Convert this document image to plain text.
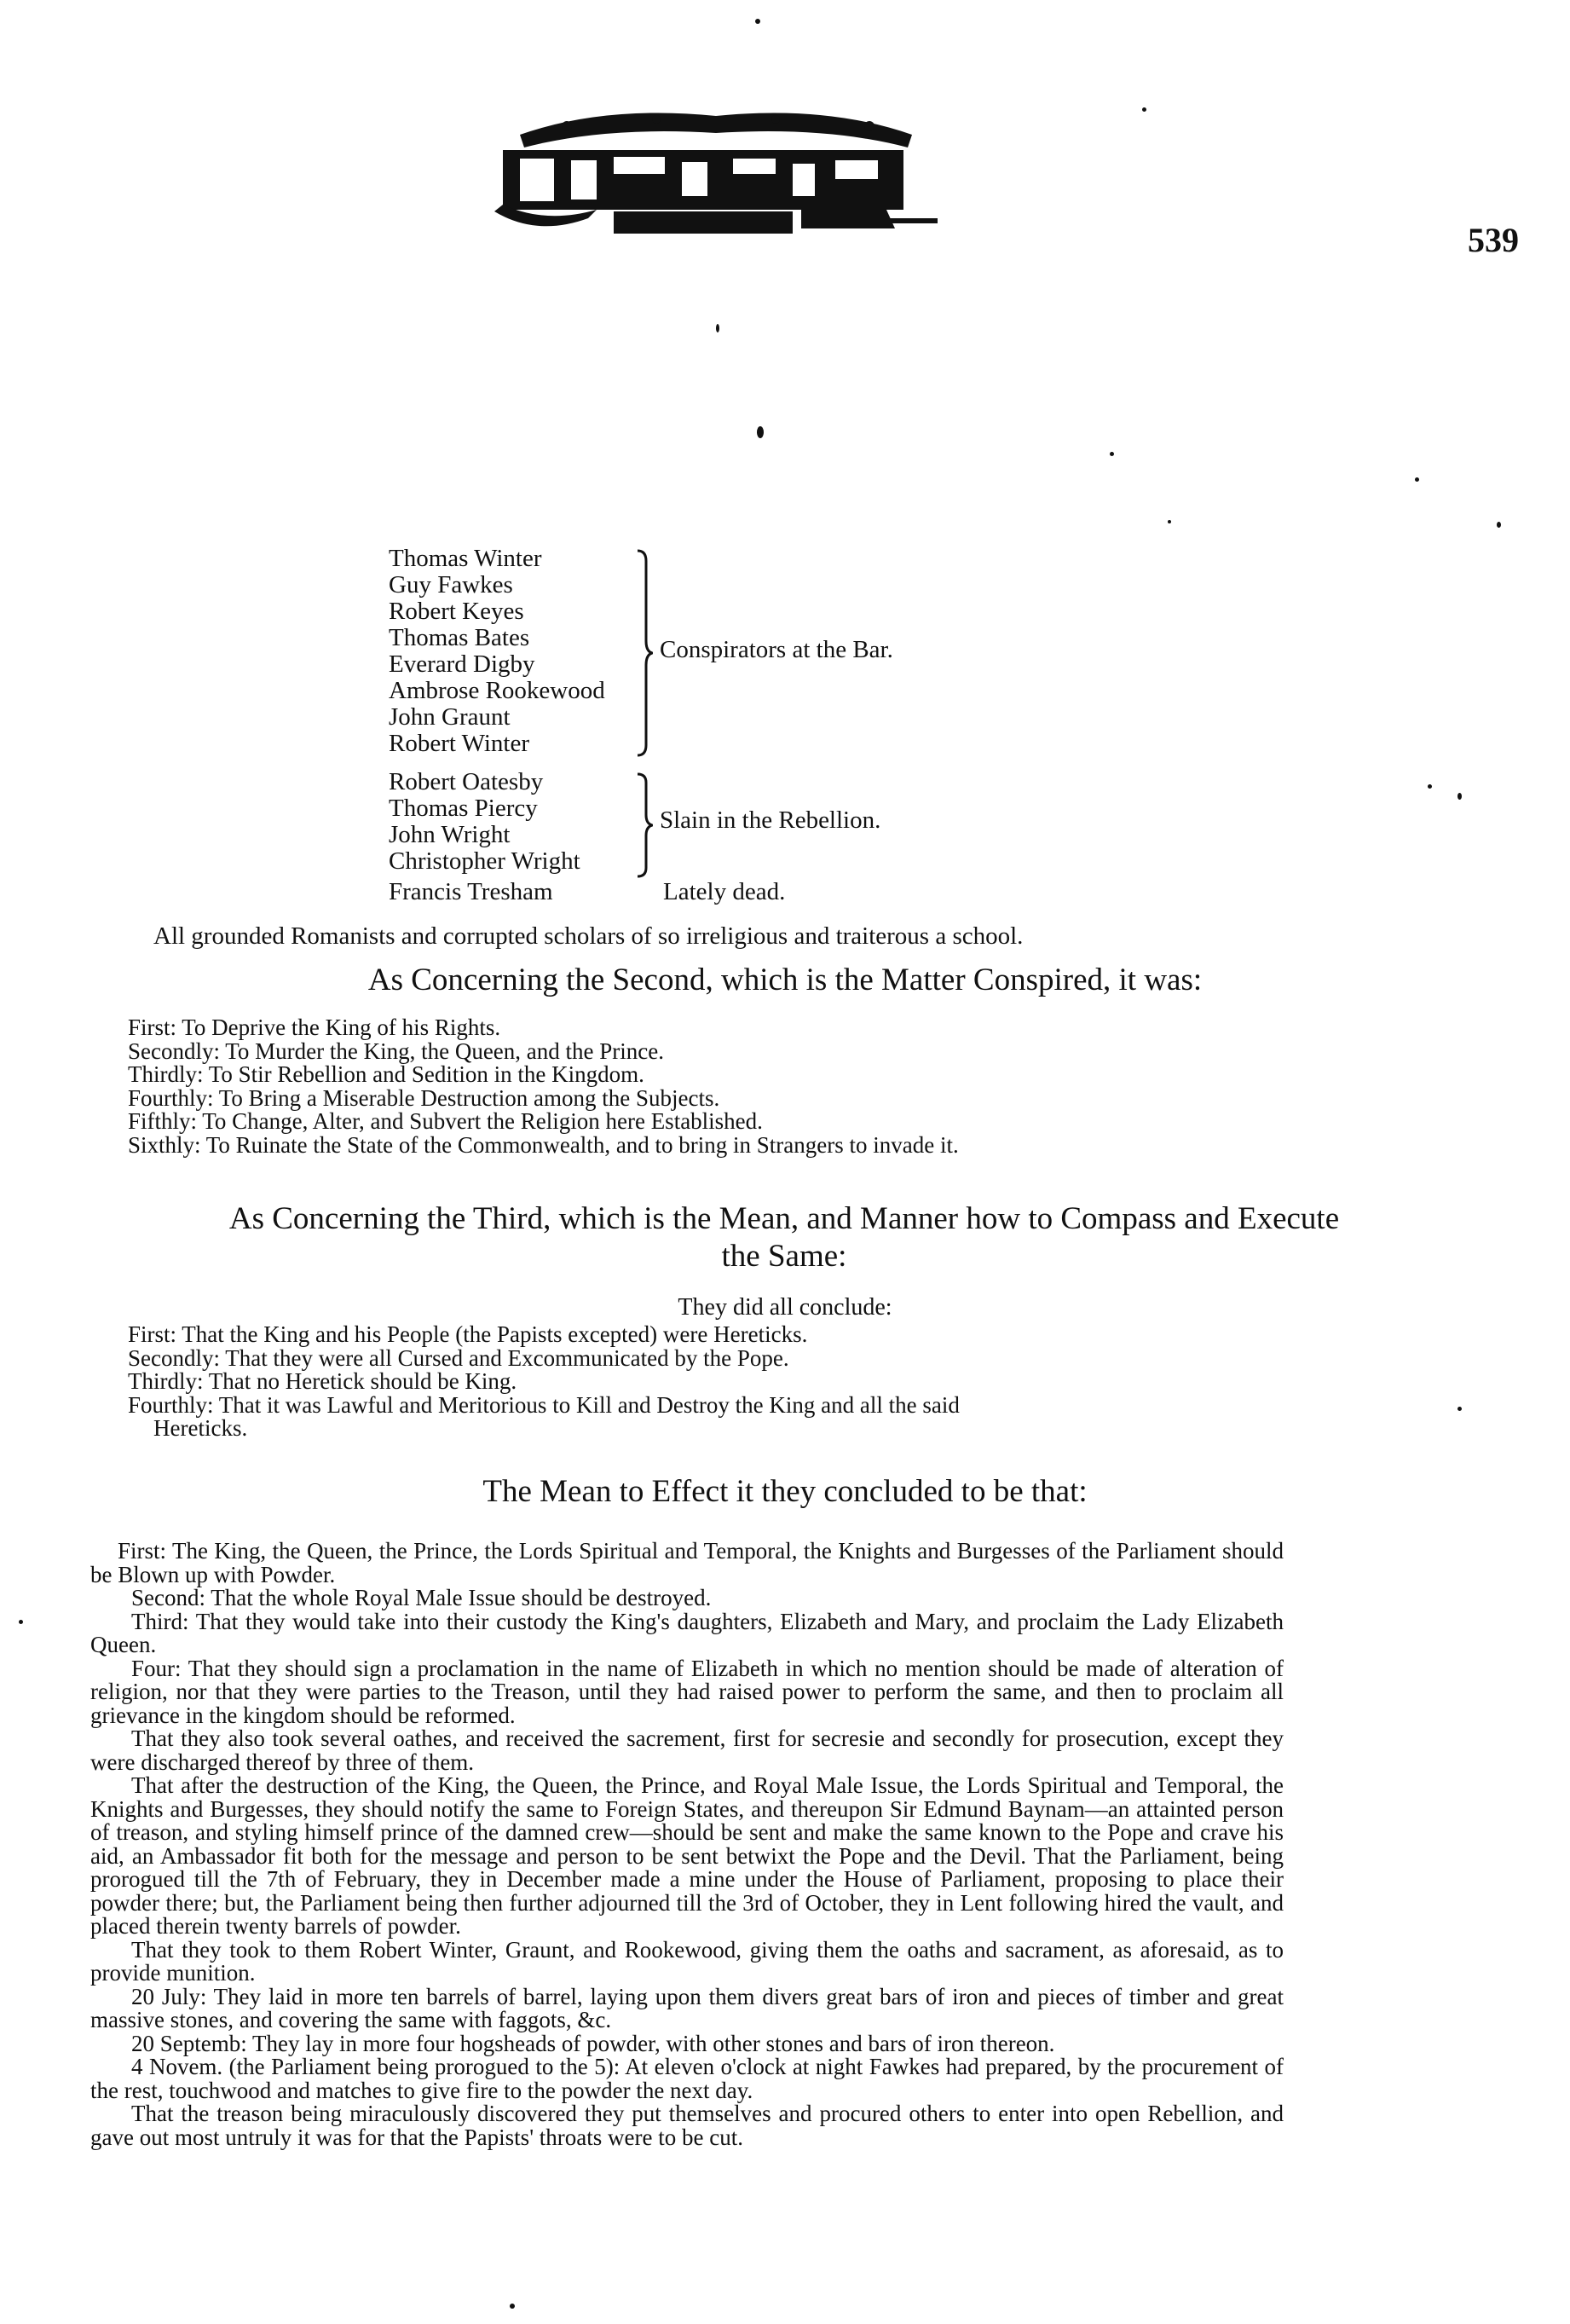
539
Thomas Winter
Guy Fawkes
Robert Keyes
Thomas Bates
Everard Digby
Ambrose Rookewood
John Graunt
Robert Winter
Conspirators at the Bar.
Robert Oatesby
Thomas Piercy
John Wright
Christopher Wright
Slain in the Rebellion.
Francis Tresham	Lately dead.
All grounded Romanists and corrupted scholars of so irreligious and traiterous a school.
As Concerning the Second, which is the Matter Conspired, it was:
First: To Deprive the King of his Rights.
Secondly: To Murder the King, the Queen, and the Prince.
Thirdly: To Stir Rebellion and Sedition in the Kingdom.
Fourthly: To Bring a Miserable Destruction among the Subjects.
Fifthly: To Change, Alter, and Subvert the Religion here Established.
Sixthly: To Ruinate the State of the Commonwealth, and to bring in Strangers to invade it.
As Concerning the Third, which is the Mean, and Manner how to Compass and Execute
the Same:
They did all conclude:
First: That the King and his People (the Papists excepted) were Hereticks.
Secondly: That they were all Cursed and Excommunicated by the Pope.
Thirdly: That no Heretick should be King.
Fourthly: That it was Lawful and Meritorious to Kill and Destroy the King and all the said
Hereticks.
The Mean to Effect it they concluded to be that:

First: The King, the Queen, the Prince, the Lords Spiritual and Temporal, the Knights and Burgesses of the Parliament should be Blown up with Powder.

Second: That the whole Royal Male Issue should be destroyed.

Third: That they would take into their custody the King's daughters, Elizabeth and Mary, and proclaim the Lady Elizabeth Queen.

Four: That they should sign a proclamation in the name of Elizabeth in which no mention should be made of alteration of religion, nor that they were parties to the Treason, until they had raised power to perform the same, and then to proclaim all grievance in the kingdom should be reformed.

That they also took several oathes, and received the sacrement, first for secresie and secondly for prosecution, except they were discharged thereof by three of them.

That after the destruction of the King, the Queen, the Prince, and Royal Male Issue, the Lords Spiritual and Temporal, the Knights and Burgesses, they should notify the same to Foreign States, and thereupon Sir Edmund Baynam—an attainted person of treason, and styling himself prince of the damned crew—should be sent and make the same known to the Pope and crave his aid, an Ambassador fit both for the message and person to be sent betwixt the Pope and the Devil. That the Parliament, being prorogued till the 7th of February, they in December made a mine under the House of Parliament, proposing to place their powder there; but, the Parliament being then further adjourned till the 3rd of October, they in Lent following hired the vault, and placed therein twenty barrels of powder.

That they took to them Robert Winter, Graunt, and Rookewood, giving them the oaths and sacrament, as aforesaid, as to provide munition.

20 July: They laid in more ten barrels of barrel, laying upon them divers great bars of iron and pieces of timber and great massive stones, and covering the same with faggots, &c.

20 Septemb: They lay in more four hogsheads of powder, with other stones and bars of iron thereon.

4 Novem. (the Parliament being prorogued to the 5): At eleven o'clock at night Fawkes had prepared, by the procurement of the rest, touchwood and matches to give fire to the powder the next day.

That the treason being miraculously discovered they put themselves and procured others to enter into open Rebellion, and gave out most untruly it was for that the Papists' throats were to be cut.
